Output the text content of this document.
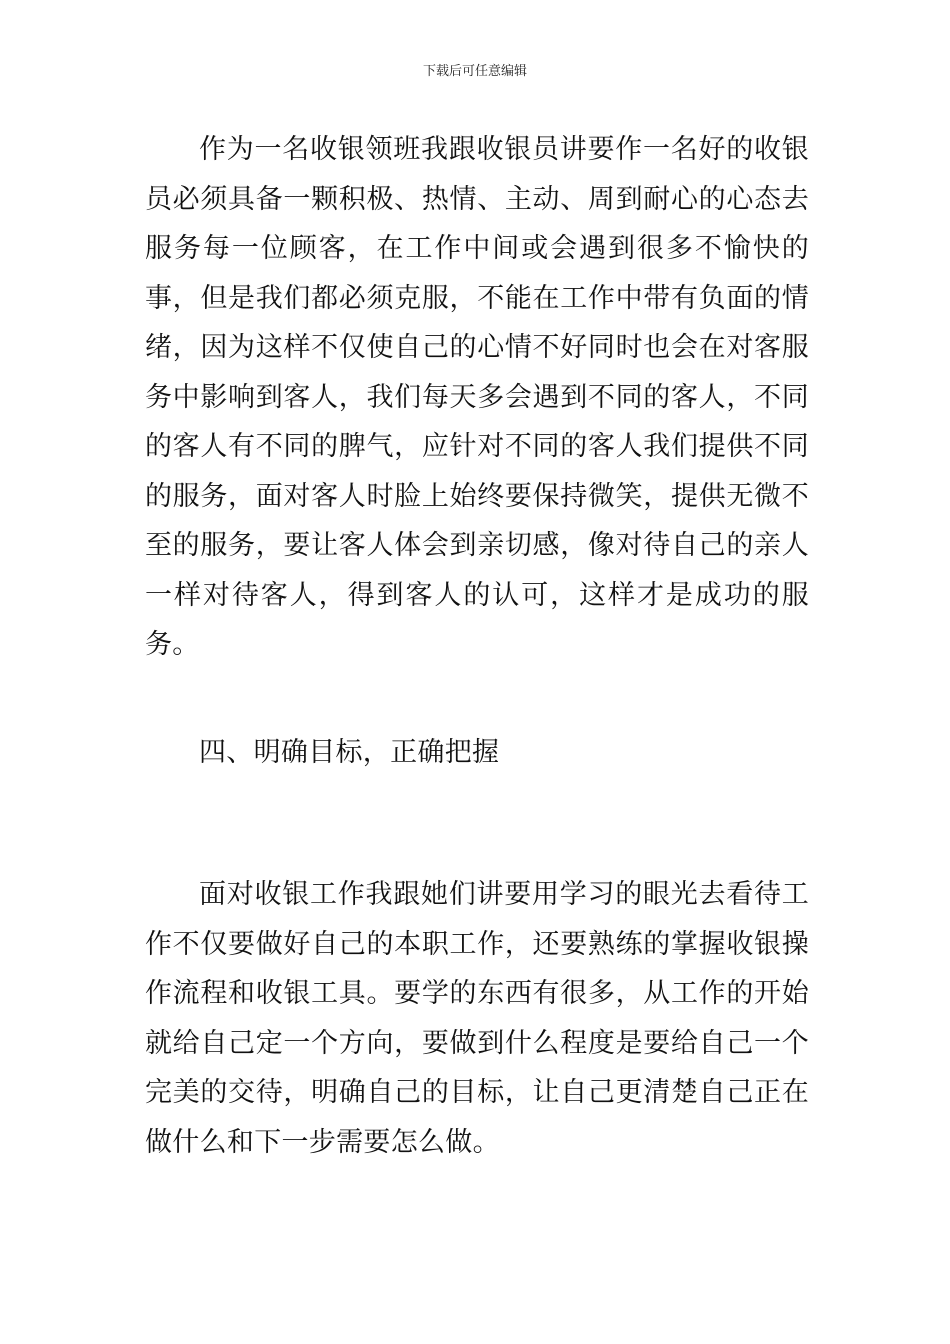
下载后可任意编辑

作为一名收银领班我跟收银员讲要作一名好的收银员必须具备一颗积极、热情、主动、周到耐心的心态去服务每一位顾客，在工作中间或会遇到很多不愉快的事，但是我们都必须克服，不能在工作中带有负面的情绪，因为这样不仅使自己的心情不好同时也会在对客服务中影响到客人，我们每天多会遇到不同的客人，不同的客人有不同的脾气，应针对不同的客人我们提供不同的服务，面对客人时脸上始终要保持微笑，提供无微不至的服务，要让客人体会到亲切感，像对待自己的亲人一样对待客人，得到客人的认可，这样才是成功的服务。

四、明确目标，正确把握

面对收银工作我跟她们讲要用学习的眼光去看待工作不仅要做好自己的本职工作，还要熟练的掌握收银操作流程和收银工具。要学的东西有很多，从工作的开始就给自己定一个方向，要做到什么程度是要给自己一个完美的交待，明确自己的目标，让自己更清楚自己正在做什么和下一步需要怎么做。
